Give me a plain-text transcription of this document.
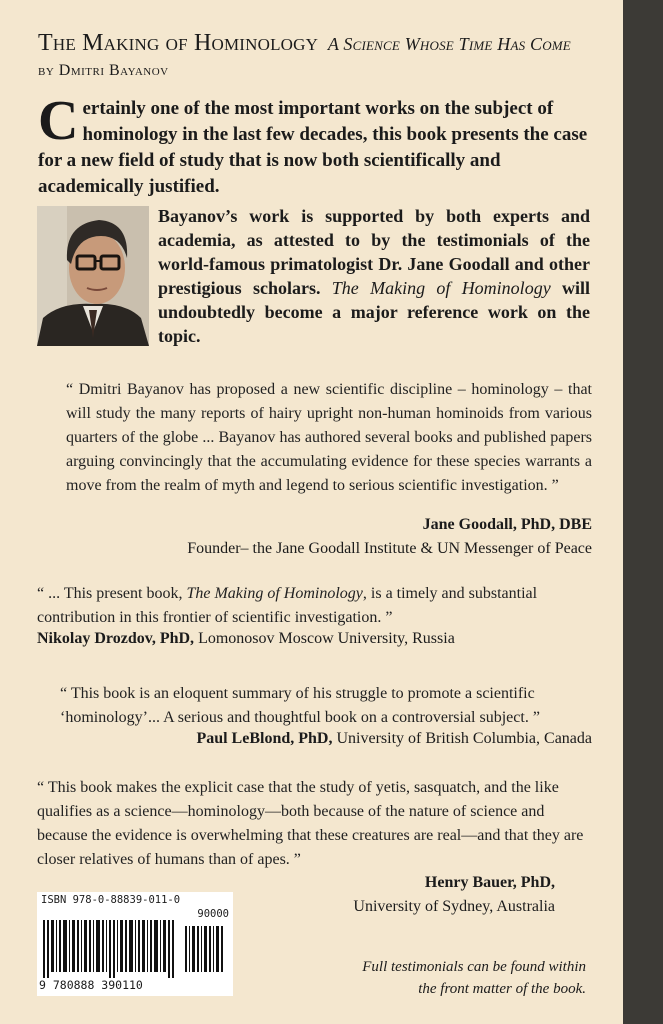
The Making of Hominology A Science Whose Time Has Come
by Dmitri Bayanov

Certainly one of the most important works on the subject of hominology in the last few decades, this book presents the case for a new field of study that is now both scientifically and academically justified.

Bayanov’s work is supported by both experts and academia, as attested to by the testimonials of the world-famous primatologist Dr. Jane Goodall and other prestigious scholars. The Making of Hominology will undoubtedly become a major reference work on the topic.

“ Dmitri Bayanov has proposed a new scientific discipline – hominology – that will study the many reports of hairy upright non-human hominoids from various quarters of the globe ... Bayanov has authored several books and published papers arguing convincingly that the accumulating evidence for these species warrants a move from the realm of myth and legend to serious scientific investigation. ”

Jane Goodall, PhD, DBE
Founder– the Jane Goodall Institute & UN Messenger of Peace

“ ... This present book, The Making of Hominology, is a timely and substantial contribution in this frontier of scientific investigation. ”

Nikolay Drozdov, PhD, Lomonosov Moscow University, Russia

“ This book is an eloquent summary of his struggle to promote a scientific ‘hominology’... A serious and thoughtful book on a controversial subject. ”

Paul LeBlond, PhD, University of British Columbia, Canada

“ This book makes the explicit case that the study of yetis, sasquatch, and the like qualifies as a science—hominology—both because of the nature of science and because the evidence is overwhelming that these creatures are real—and that they are closer relatives of humans than of apes. ”

Henry Bauer, PhD,
University of Sydney, Australia
ISBN 978-0-88839-011-0
90000
9 780888 390110

Full testimonials can be found within the front matter of the book.
